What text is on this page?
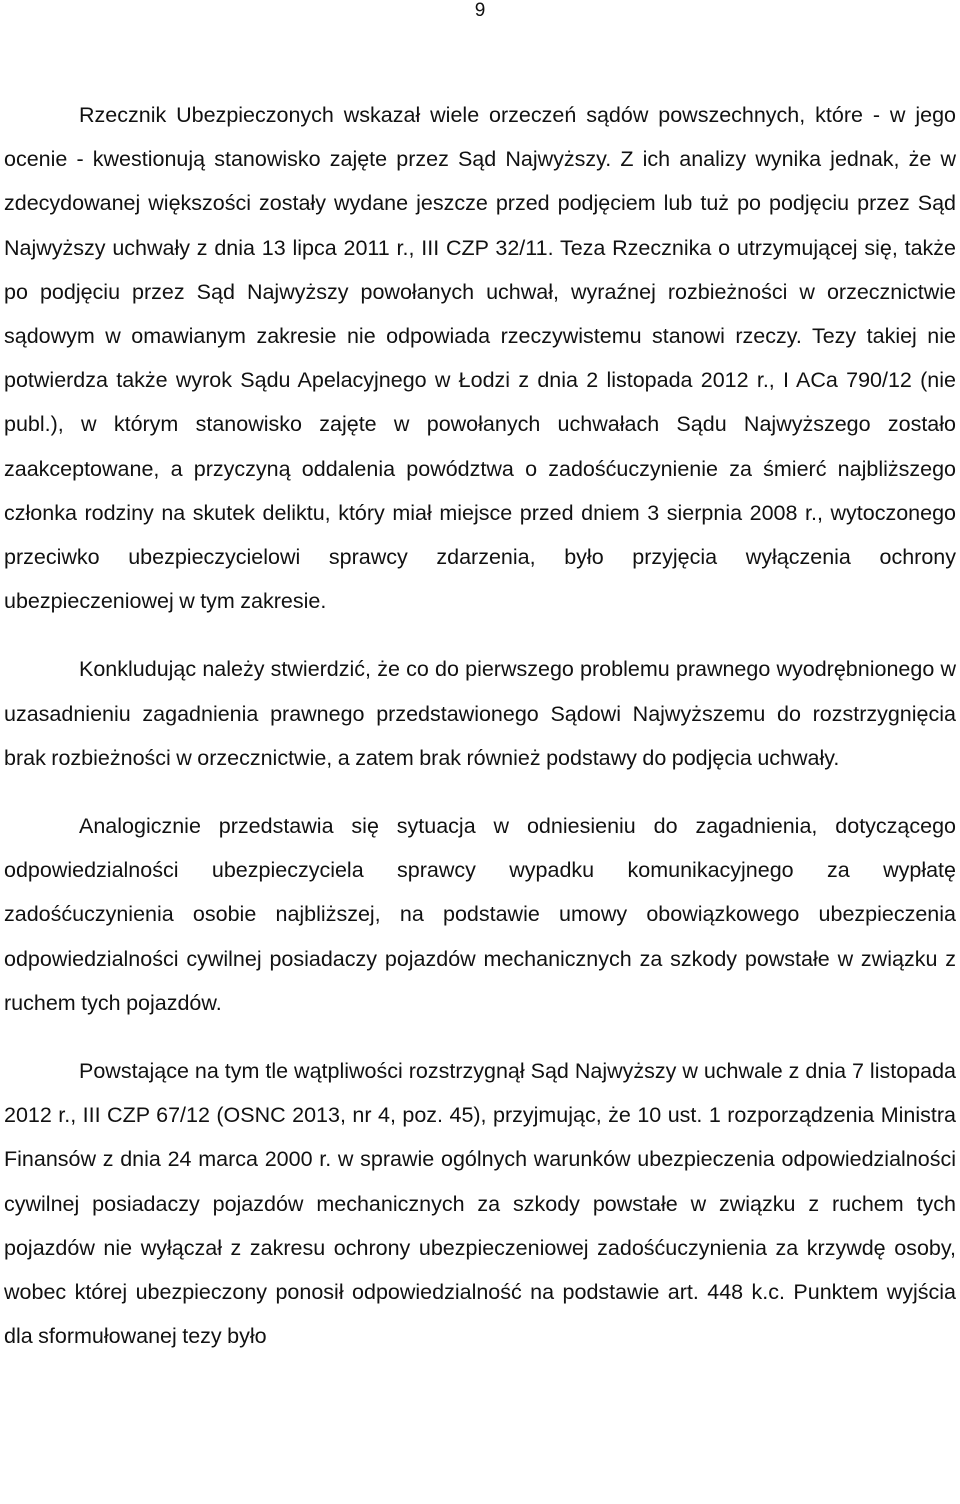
9

Rzecznik Ubezpieczonych wskazał wiele orzeczeń sądów powszechnych, które - w jego ocenie - kwestionują stanowisko zajęte przez Sąd Najwyższy. Z ich analizy wynika jednak, że w zdecydowanej większości zostały wydane jeszcze przed podjęciem lub tuż po podjęciu przez Sąd Najwyższy uchwały z dnia 13 lipca 2011 r., III CZP 32/11. Teza Rzecznika o utrzymującej się, także po podjęciu przez Sąd Najwyższy powołanych uchwał, wyraźnej rozbieżności w orzecznictwie sądowym w omawianym zakresie nie odpowiada rzeczywistemu stanowi rzeczy. Tezy takiej nie potwierdza także wyrok Sądu Apelacyjnego w Łodzi z dnia 2 listopada 2012 r., I ACa 790/12 (nie publ.), w którym stanowisko zajęte w powołanych uchwałach Sądu Najwyższego zostało zaakceptowane, a przyczyną oddalenia powództwa o zadośćuczynienie za śmierć najbliższego członka rodziny na skutek deliktu, który miał miejsce przed dniem 3 sierpnia 2008 r., wytoczonego przeciwko ubezpieczycielowi sprawcy zdarzenia, było przyjęcia wyłączenia ochrony ubezpieczeniowej w tym zakresie.

Konkludując należy stwierdzić, że co do pierwszego problemu prawnego wyodrębnionego w uzasadnieniu zagadnienia prawnego przedstawionego Sądowi Najwyższemu do rozstrzygnięcia brak rozbieżności w orzecznictwie, a zatem brak również podstawy do podjęcia uchwały.

Analogicznie przedstawia się sytuacja w odniesieniu do zagadnienia, dotyczącego odpowiedzialności ubezpieczyciela sprawcy wypadku komunikacyjnego za wypłatę zadośćuczynienia osobie najbliższej, na podstawie umowy obowiązkowego ubezpieczenia odpowiedzialności cywilnej posiadaczy pojazdów mechanicznych za szkody powstałe w związku z ruchem tych pojazdów.

Powstające na tym tle wątpliwości rozstrzygnął Sąd Najwyższy w uchwale z dnia 7 listopada 2012 r., III CZP 67/12 (OSNC 2013, nr 4, poz. 45), przyjmując, że 10 ust. 1 rozporządzenia Ministra Finansów z dnia 24 marca 2000 r. w sprawie ogólnych warunków ubezpieczenia odpowiedzialności cywilnej posiadaczy pojazdów mechanicznych za szkody powstałe w związku z ruchem tych pojazdów nie wyłączał z zakresu ochrony ubezpieczeniowej zadośćuczynienia za krzywdę osoby, wobec której ubezpieczony ponosił odpowiedzialność na podstawie art. 448 k.c. Punktem wyjścia dla sformułowanej tezy było
